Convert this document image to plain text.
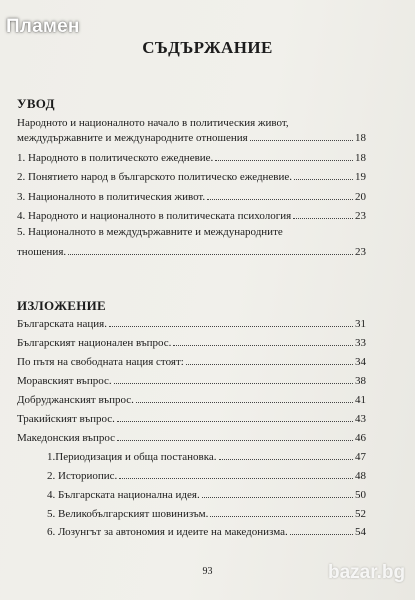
Пламен
СЪДЪРЖАНИЕ
УВОД
Народното и националното начало в политическия живот,
междудържавните и международните отношения	18
1. Народното в политическото ежедневие.	18
2. Понятието народ в българското политическо ежедневие.	19
3. Националното в политическия живот.	20
4. Народното и националното в политическата психология	23
5. Националното в междудържавните и международните
тношения.	23
ИЗЛОЖЕНИЕ
Българската нация.	31
Българският национален въпрос.	33
По пътя на свободната нация стоят:	34
Моравският въпрос.	38
Добруджанският въпрос.	41
Тракийският въпрос.	43
Македонския въпрос	46
1.Периодизация и обща постановка.	47
2. Историопис.	48
4. Българската национална идея.	50
5. Великобългарският шовинизъм.	52
6. Лозунгът за автономия и идеите на македонизма.	54
93	bazar.bg
